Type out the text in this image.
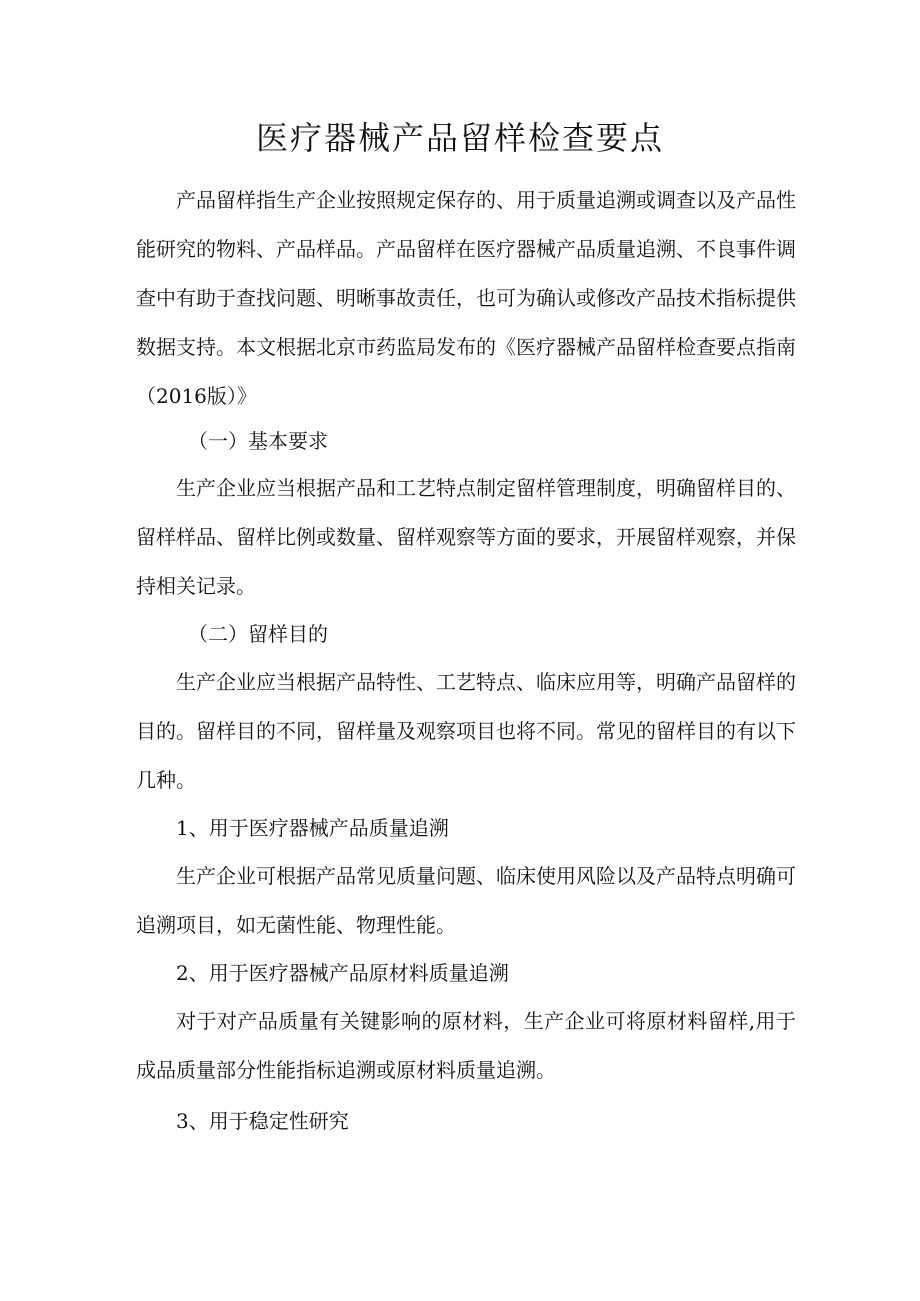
医疗器械产品留样检查要点

产品留样指生产企业按照规定保存的、用于质量追溯或调查以及产品性能研究的物料、产品样品。产品留样在医疗器械产品质量追溯、不良事件调查中有助于查找问题、明晰事故责任，也可为确认或修改产品技术指标提供数据支持。本文根据北京市药监局发布的《医疗器械产品留样检查要点指南（2016版）》

（一）基本要求

生产企业应当根据产品和工艺特点制定留样管理制度，明确留样目的、留样样品、留样比例或数量、留样观察等方面的要求，开展留样观察，并保持相关记录。

（二）留样目的

生产企业应当根据产品特性、工艺特点、临床应用等，明确产品留样的目的。留样目的不同，留样量及观察项目也将不同。常见的留样目的有以下几种。

1、用于医疗器械产品质量追溯

生产企业可根据产品常见质量问题、临床使用风险以及产品特点明确可追溯项目，如无菌性能、物理性能。

2、用于医疗器械产品原材料质量追溯

对于对产品质量有关键影响的原材料，生产企业可将原材料留样,用于成品质量部分性能指标追溯或原材料质量追溯。

3、用于稳定性研究
